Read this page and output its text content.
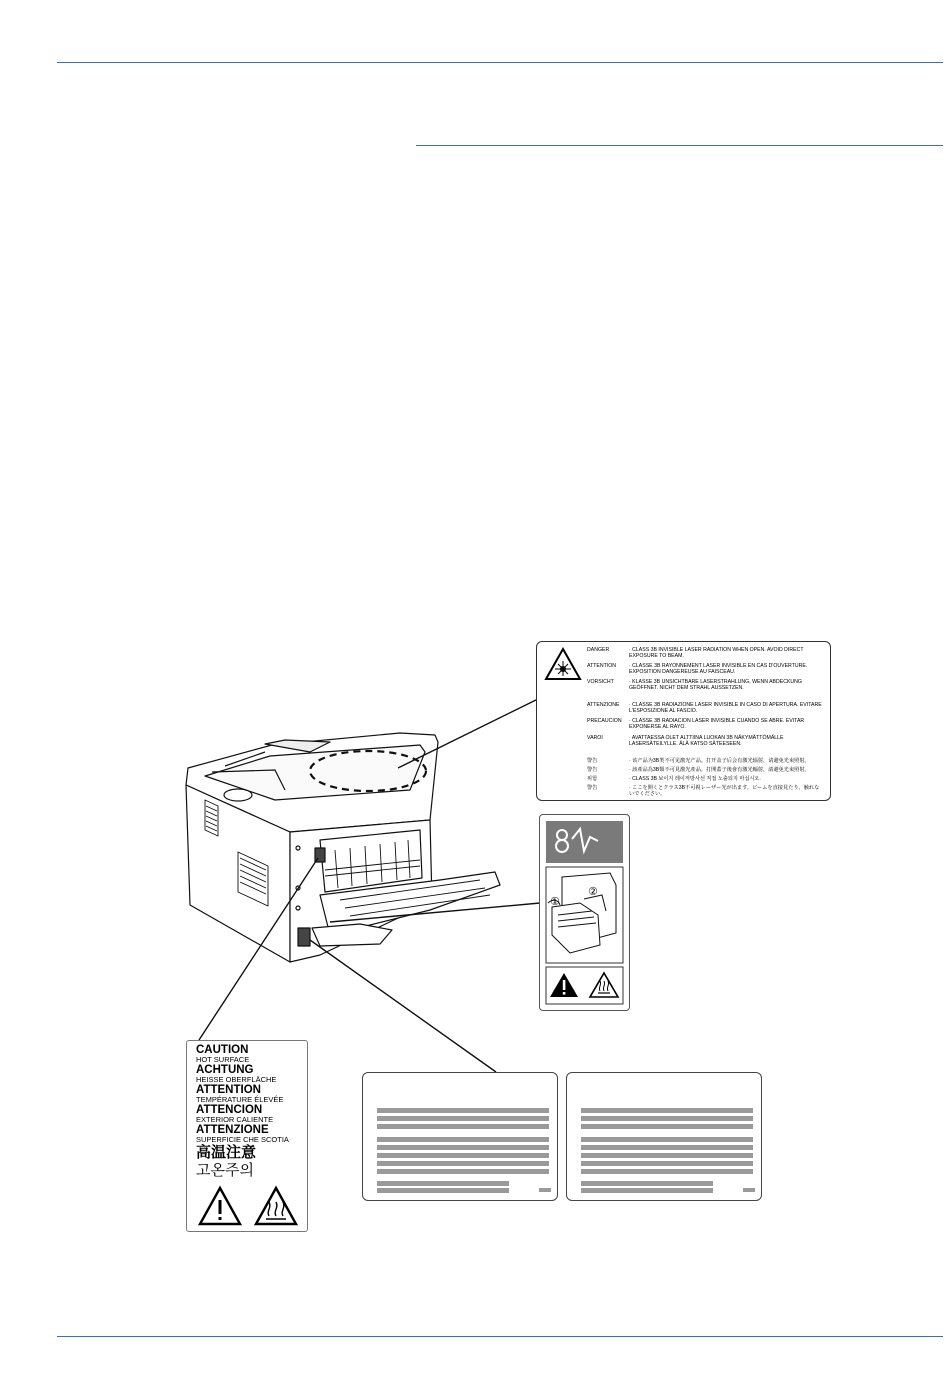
DANGER	· CLASS 3B INVISIBLE LASER RADIATION WHEN OPEN. AVOID DIRECT EXPOSURE TO BEAM.
ATTENTION	· CLASSE 3B RAYONNEMENT LASER INVISIBLE EN CAS D'OUVERTURE. EXPOSITION DANGEREUSE AU FAISCEAU.
VORSICHT	· KLASSE 3B UNSICHTBARE LASERSTRAHLUNG, WENN ABDECKUNG GEÖFFNET. NICHT DEM STRAHL AUSSETZEN.
ATTENZIONE	· CLASSE 3B RADIAZIONE LASER INVISIBLE IN CASO DI APERTURA. EVITARE L'ESPOSIZIONE AL FASCIO.
PRECAUCION	· CLASSE 3B RADIACION LASER INVISIBLE CUANDO SE ABRE. EVITAR EXPONERSE AL RAYO.
VAROI	· AVATTAESSA OLET ALTTIINA LUOKAN 3B NÄKYMÄTTÖMÄLLE LASERSÄTEILYLLE. ÄLÄ KATSO SÄTEESEEN.
警告	· 该产品为3B类不可见激光产品。打开盖子后会有激光辐射，请避免光束照射。
警告	· 該產品為3B類不可見激光產品。打開蓋子後會有激光輻射，請避免光束照射。
위험	· CLASS 3B 보이지 레이저방사선 직접 노출되지 마십시오.
警告	· ここを開くとクラス3B不可視レーザー光が出ます。ビームを直接見たり、触れないでください。
①
②
CAUTION
HOT SURFACE
ACHTUNG
HEISSE OBERFLÄCHE
ATTENTION
TEMPÉRATURE ÉLEVÉE
ATTENCION
EXTERIOR CALIENTE
ATTENZIONE
SUPERFICIE CHE SCOTIA
高温注意
고온주의
